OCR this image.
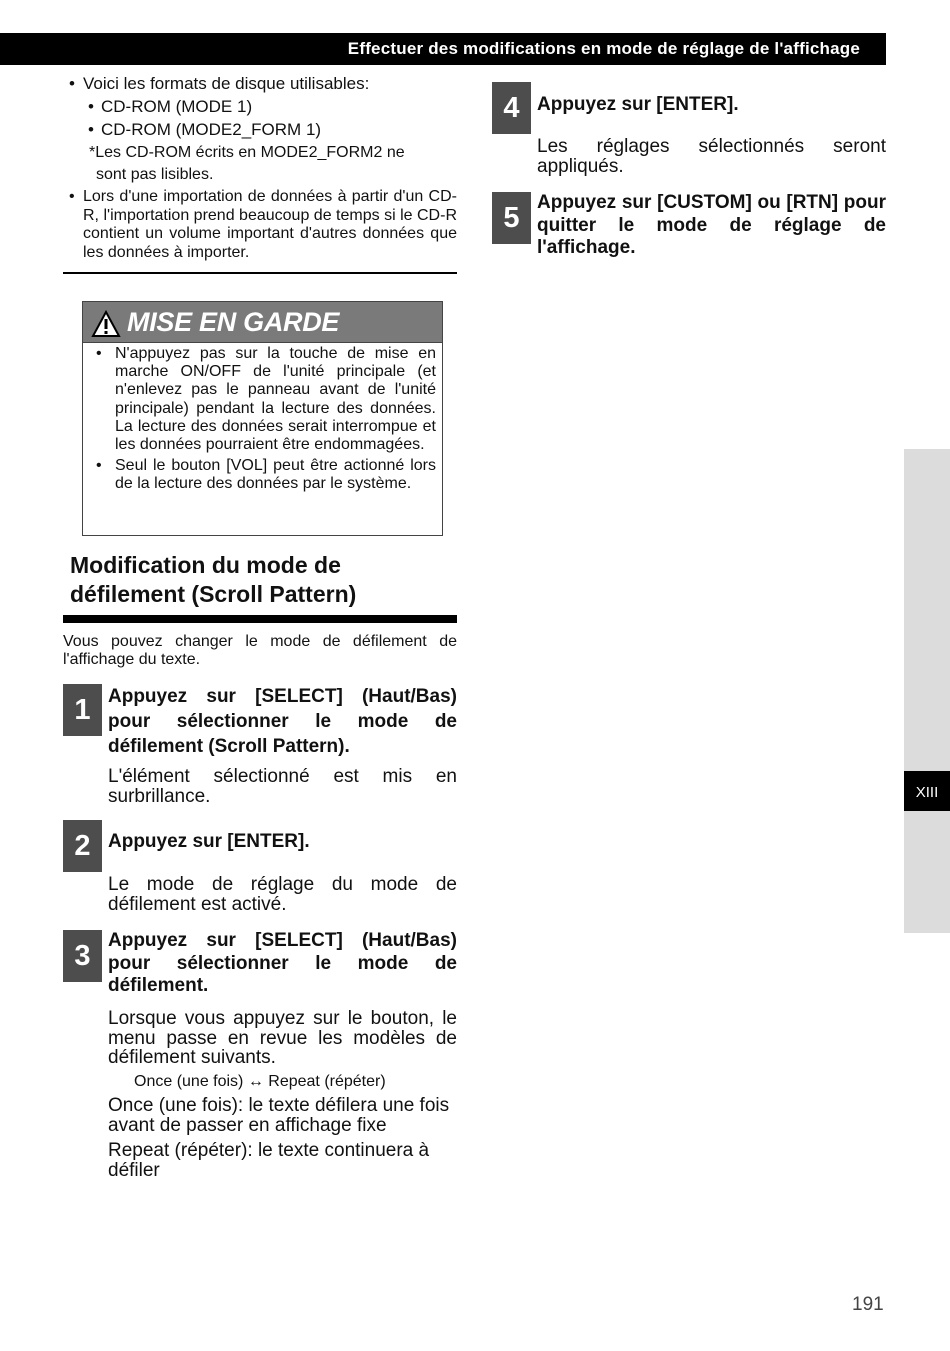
Effectuer des modifications en mode de réglage de l'affichage
• Voici les formats de disque utilisables:
• CD-ROM (MODE 1)
• CD-ROM (MODE2_FORM 1)
*Les CD-ROM écrits en MODE2_FORM2 ne
sont pas lisibles.
• Lors d'une importation de données à partir d'un CD-R, l'importation prend beaucoup de temps si le CD-R contient un volume important d'autres données que les données à importer.
MISE EN GARDE
• N'appuyez pas sur la touche de mise en marche ON/OFF de l'unité principale (et n'enlevez pas le panneau avant de l'unité principale) pendant la lecture des données. La lecture des données serait interrompue et les données pourraient être endommagées.
• Seul le bouton [VOL] peut être actionné lors de la lecture des données par le système.
Modification du mode de
défilement (Scroll Pattern)
Vous pouvez changer le mode de défilement de l'affichage du texte.
1 Appuyez sur [SELECT] (Haut/Bas) pour sélectionner le mode de défilement (Scroll Pattern).
L'élément sélectionné est mis en surbrillance.
2 Appuyez sur [ENTER].
Le mode de réglage du mode de défilement est activé.
3 Appuyez sur [SELECT] (Haut/Bas) pour sélectionner le mode de défilement.
Lorsque vous appuyez sur le bouton, le menu passe en revue les modèles de défilement suivants.
Once (une fois) ↔ Repeat (répéter)
Once (une fois): le texte défilera une fois avant de passer en affichage fixe
Repeat (répéter): le texte continuera à défiler
4 Appuyez sur [ENTER].
Les réglages sélectionnés seront appliqués.
5 Appuyez sur [CUSTOM] ou [RTN] pour quitter le mode de réglage de l'affichage.
XIII
191
